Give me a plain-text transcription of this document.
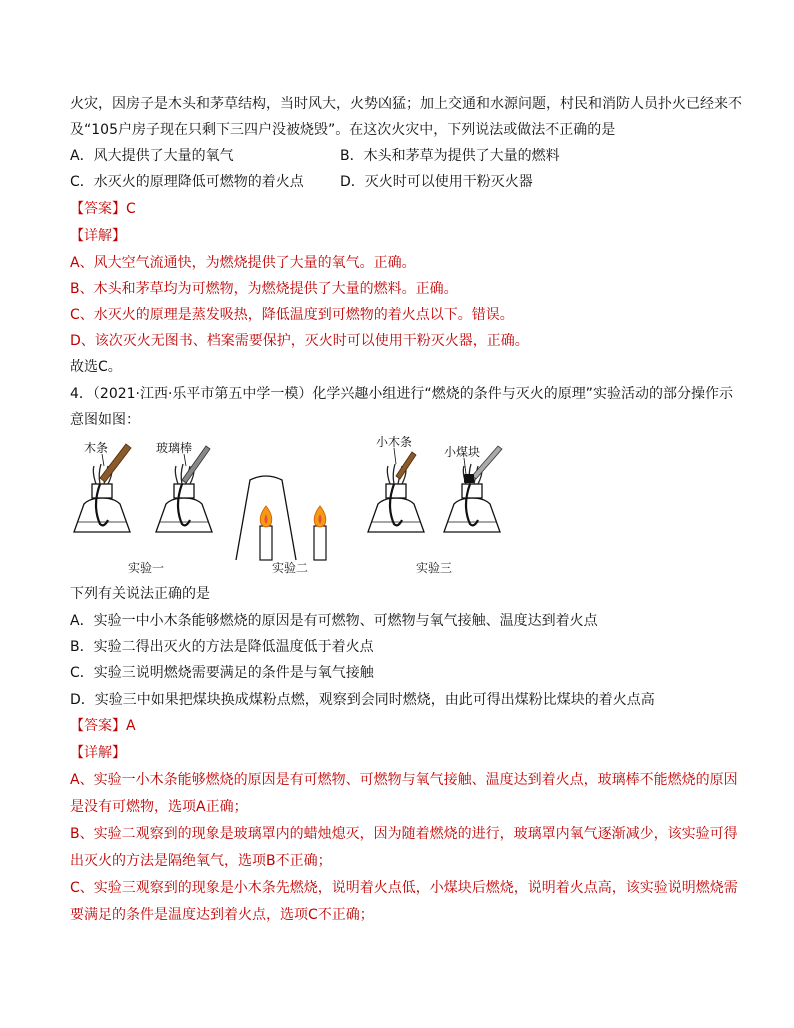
火灾，因房子是木头和茅草结构，当时风大，火势凶猛；加上交通和水源问题，村民和消防人员扑火已经来不
及“105户房子现在只剩下三四户没被烧毁”。在这次火灾中，下列说法或做法不正确的是
A．风大提供了大量的氧气	B．木头和茅草为提供了大量的燃料
C．水灭火的原理降低可燃物的着火点	D．灭火时可以使用干粉灭火器
【答案】C
【详解】
A、风大空气流通快，为燃烧提供了大量的氧气。正确。
B、木头和茅草均为可燃物，为燃烧提供了大量的燃料。正确。
C、水灭火的原理是蒸发吸热，降低温度到可燃物的着火点以下。错误。
D、该次灭火无图书、档案需要保护，灭火时可以使用干粉灭火器，正确。
故选C。
4．（2021·江西·乐平市第五中学一模）化学兴趣小组进行“燃烧的条件与灭火的原理”实验活动的部分操作示
意图如图：
木条	玻璃棒
实验一	实验二
小木条
小煤块
实验三
下列有关说法正确的是
A．实验一中小木条能够燃烧的原因是有可燃物、可燃物与氧气接触、温度达到着火点
B．实验二得出灭火的方法是降低温度低于着火点
C．实验三说明燃烧需要满足的条件是与氧气接触
D．实验三中如果把煤块换成煤粉点燃，观察到会同时燃烧，由此可得出煤粉比煤块的着火点高
【答案】A
【详解】
A、实验一小木条能够燃烧的原因是有可燃物、可燃物与氧气接触、温度达到着火点，玻璃棒不能燃烧的原因
是没有可燃物，选项A正确；
B、实验二观察到的现象是玻璃罩内的蜡烛熄灭，因为随着燃烧的进行，玻璃罩内氧气逐渐减少，该实验可得
出灭火的方法是隔绝氧气，选项B不正确；
C、实验三观察到的现象是小木条先燃烧，说明着火点低，小煤块后燃烧，说明着火点高，该实验说明燃烧需
要满足的条件是温度达到着火点，选项C不正确；
